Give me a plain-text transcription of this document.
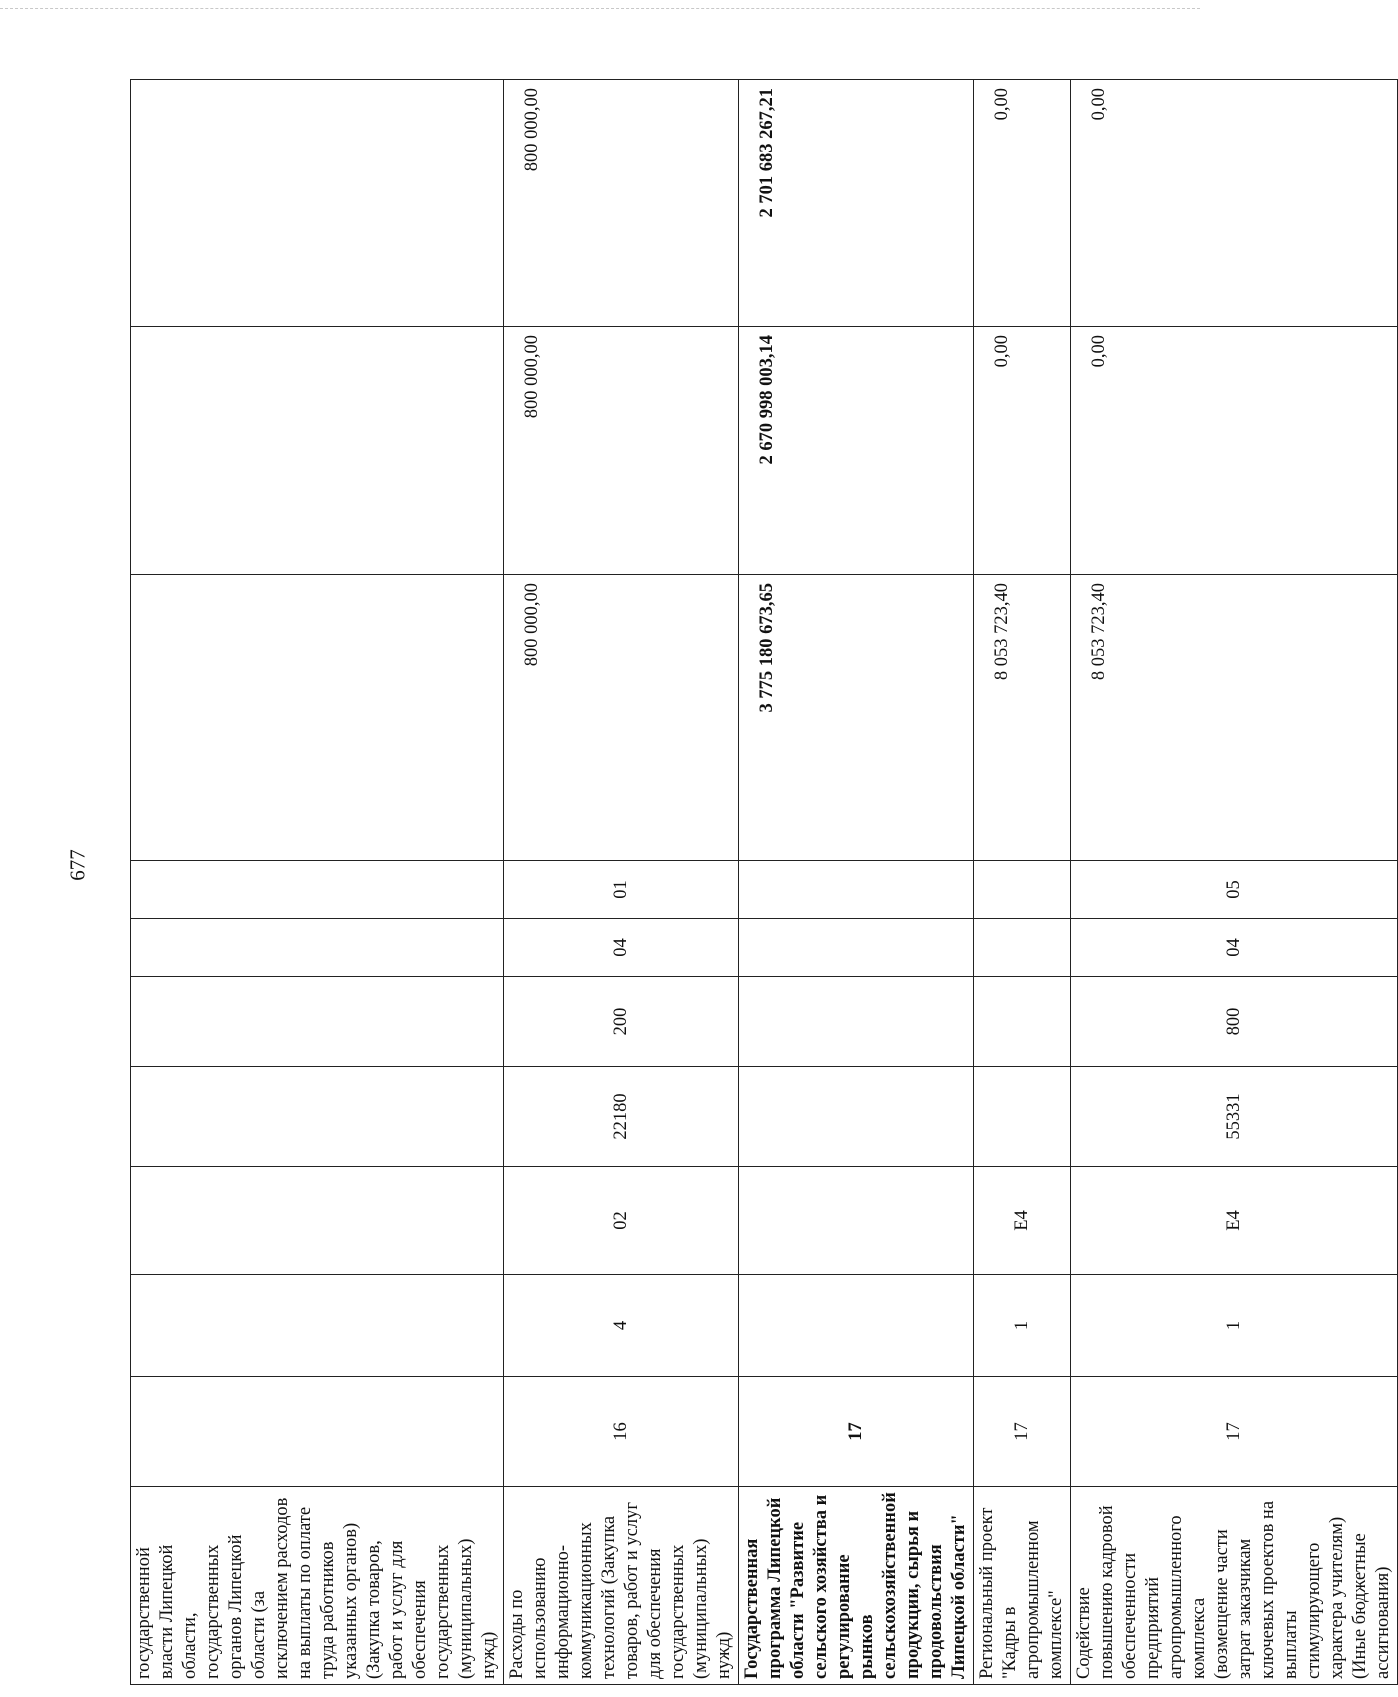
677
государственной власти Липецкой области, государственных органов Липецкой области (за исключением расходов на выплаты по оплате труда работников указанных органов) (Закупка товаров, работ и услуг для обеспечения государственных (муниципальных) нужд)										
Расходы по использованию информационно-коммуникационных технологий (Закупка товаров, работ и услуг для обеспечения государственных (муниципальных) нужд)	16	4	02	22180	200	04	01	800 000,00	800 000,00	800 000,00
Государственная программа Липецкой области "Развитие сельского хозяйства и регулирование рынков сельскохозяйственной продукции, сырья и продовольствия Липецкой области"	17							3 775 180 673,65	2 670 998 003,14	2 701 683 267,21
Региональный проект "Кадры в агропромышленном комплексе"	17	1	E4					8 053 723,40	0,00	0,00
Содействие повышению кадровой обеспеченности предприятий агропромышленного комплекса (возмещение части затрат заказчикам ключевых проектов на выплаты стимулирующего характера учителям) (Иные бюджетные ассигнования)	17	1	E4	55331	800	04	05	8 053 723,40	0,00	0,00
